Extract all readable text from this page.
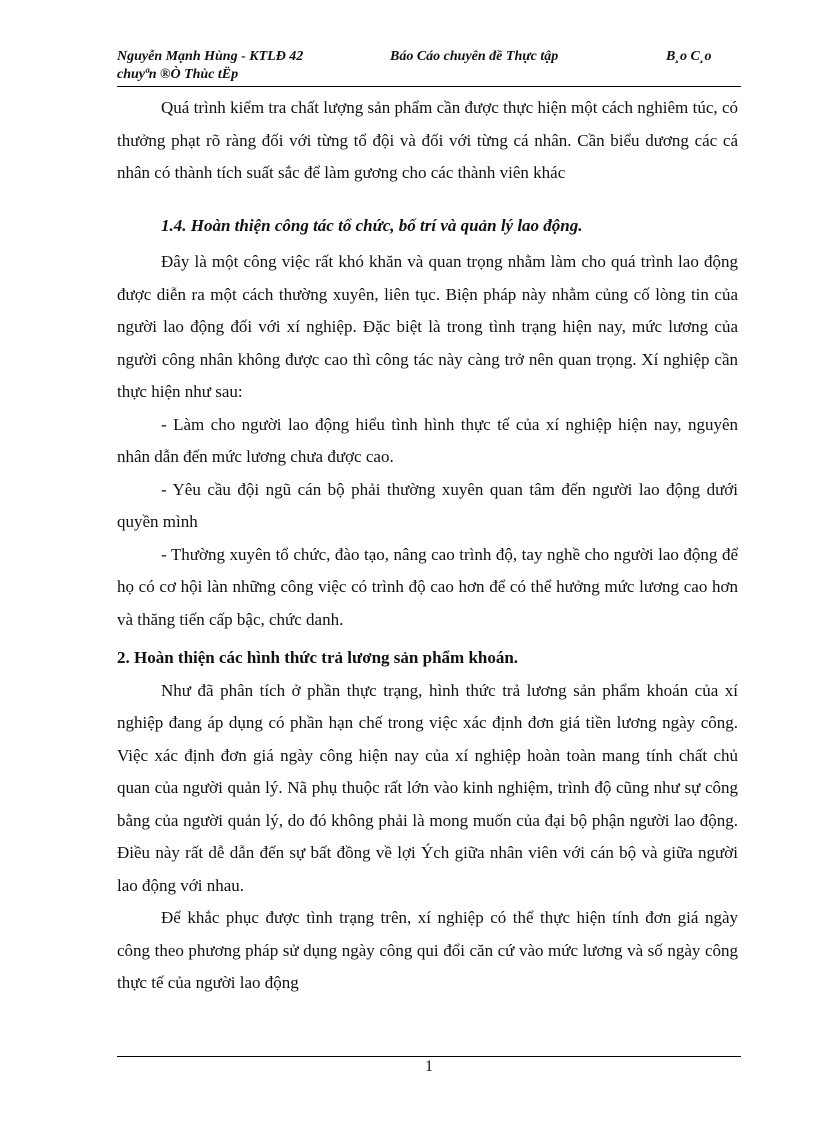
Nguyễn Mạnh Hùng - KTLĐ 42	Báo Cáo chuyên đề Thực tập	B¸o C¸o
chuyªn ®Ò Thùc tËp

Quá trình kiểm tra chất lượng sản phẩm cần được thực hiện một cách nghiêm túc, có thưởng phạt rõ ràng đối với từng tổ đội và đối với từng cá nhân. Cần biểu dương các cá nhân có thành tích suất sắc để làm gương cho các thành viên khác

1.4. Hoàn thiện công tác tổ chức, bố trí và quản lý lao động.

Đây là một công việc rất khó khăn và quan trọng nhằm làm cho quá trình lao động được diễn ra một cách thường xuyên, liên tục. Biện pháp này nhằm củng cố lòng tin của người lao động đối với xí nghiệp. Đặc biệt là trong tình trạng hiện nay, mức lương của người công nhân không được cao thì công tác này càng trở nên quan trọng. Xí nghiệp cần thực hiện như sau:

- Làm cho người lao động hiểu tình hình thực tế của xí nghiệp hiện nay, nguyên nhân dẫn đến mức lương chưa được cao.

- Yêu cầu đội ngũ cán bộ phải thường xuyên quan tâm đến người lao động dưới quyền mình

- Thường xuyên tổ chức, đào tạo, nâng cao trình độ, tay nghề cho người lao động để họ có cơ hội làn những công việc có trình độ cao hơn để có thể hưởng mức lương cao hơn và thăng tiến cấp bậc, chức danh.

2. Hoàn thiện các hình thức trả lương sản phẩm khoán.

Như đã phân tích ở phần thực trạng, hình thức trả lương sản phẩm khoán của xí nghiệp đang áp dụng có phần hạn chế trong việc xác định đơn giá tiền lương ngày công. Việc xác định đơn giá ngày công hiện nay của xí nghiệp hoàn toàn mang tính chất chủ quan của người quản lý. Nã phụ thuộc rất lớn vào kinh nghiệm, trình độ cũng như sự công bằng của người quản lý, do đó không phải là mong muốn của đại bộ phận người lao động. Điều này rất dễ dẫn đến sự bất đồng về lợi Ých giữa nhân viên với cán bộ và giữa người lao động với nhau.

Để khắc phục được tình trạng trên, xí nghiệp có thể thực hiện tính đơn giá ngày công theo phương pháp sử dụng ngày công qui đổi căn cứ vào mức lương và số ngày công thực tế của người lao động

1
